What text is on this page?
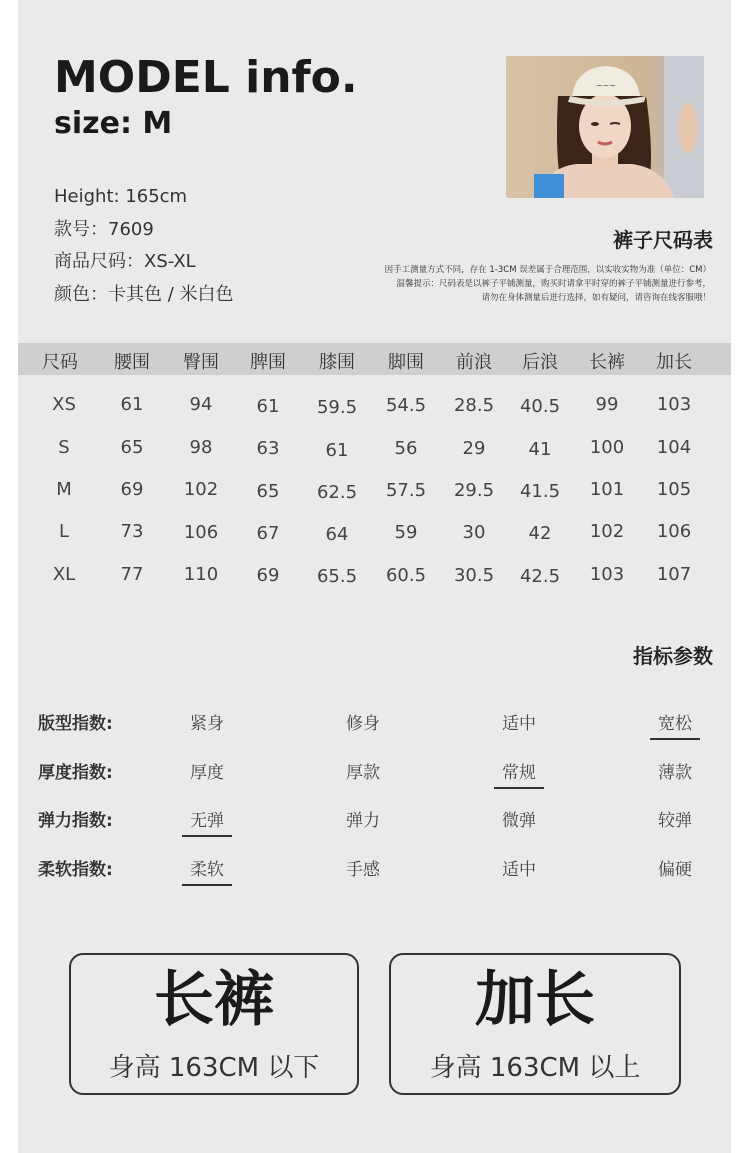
MODEL info.
size: M
Height: 165cm
款号：7609
商品尺码：XS-XL
颜色：卡其色 / 米白色
~~~
裤子尺码表
因手工测量方式不同，存在 1-3CM 误差属于合理范围，以实收实物为准（单位：CM）
温馨提示：尺码表是以裤子平铺测量，购买时请拿平时穿的裤子平铺测量进行参考，
请勿在身体测量后进行选择，如有疑问，请咨询在线客服哦！
尺码	腰围	臀围	脾围	膝围	脚围	前浪	后浪	长裤	加长
XS	61	94	61	59.5	54.5	28.5	40.5	99	103
S	65	98	63	61	56	29	41	100	104
M	69	102	65	62.5	57.5	29.5	41.5	101	105
L	73	106	67	64	59	30	42	102	106
XL	77	110	69	65.5	60.5	30.5	42.5	103	107
指标参数
版型指数:	紧身	修身	适中	宽松
厚度指数:	厚度	厚款	常规	薄款
弹力指数:	无弹	弹力	微弹	较弹
柔软指数:	柔软	手感	适中	偏硬
长裤
身高 163CM 以下
加长
身高 163CM 以上
